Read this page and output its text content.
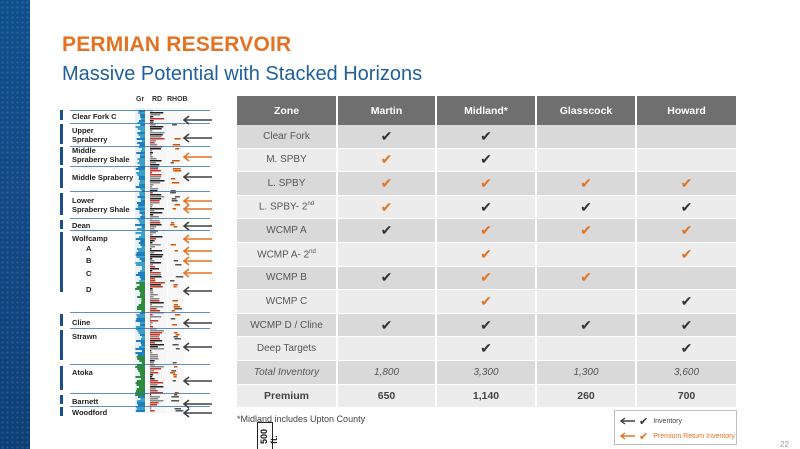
PERMIAN RESERVOIR
Massive Potential with Stacked Horizons
Gr RD RHOB
Clear Fork C
Upper
Spraberry
Middle
Spraberry Shale
Middle Spraberry
Lower
Spraberry Shale
Dean
Wolfcamp
A
B
C
D
Cline
Strawn
Atoka
Barnett
Woodford
500 ft.
Zone	Martin	Midland*	Glasscock	Howard
Clear Fork	✔	✔		
M. SPBY	✔	✔		
L. SPBY	✔	✔	✔	✔
L. SPBY- 2nd	✔	✔	✔	✔
WCMP A	✔	✔	✔	✔
WCMP A- 2nd		✔		✔
WCMP B	✔	✔	✔	
WCMP C		✔		✔
WCMP D / Cline	✔	✔	✔	✔
Deep Targets		✔		✔
Total Inventory	1,800	3,300	1,300	3,600
Premium	650	1,140	260	700
*Midland includes Upton County	✔ Inventory
✔ Premium Return Inventory
22
